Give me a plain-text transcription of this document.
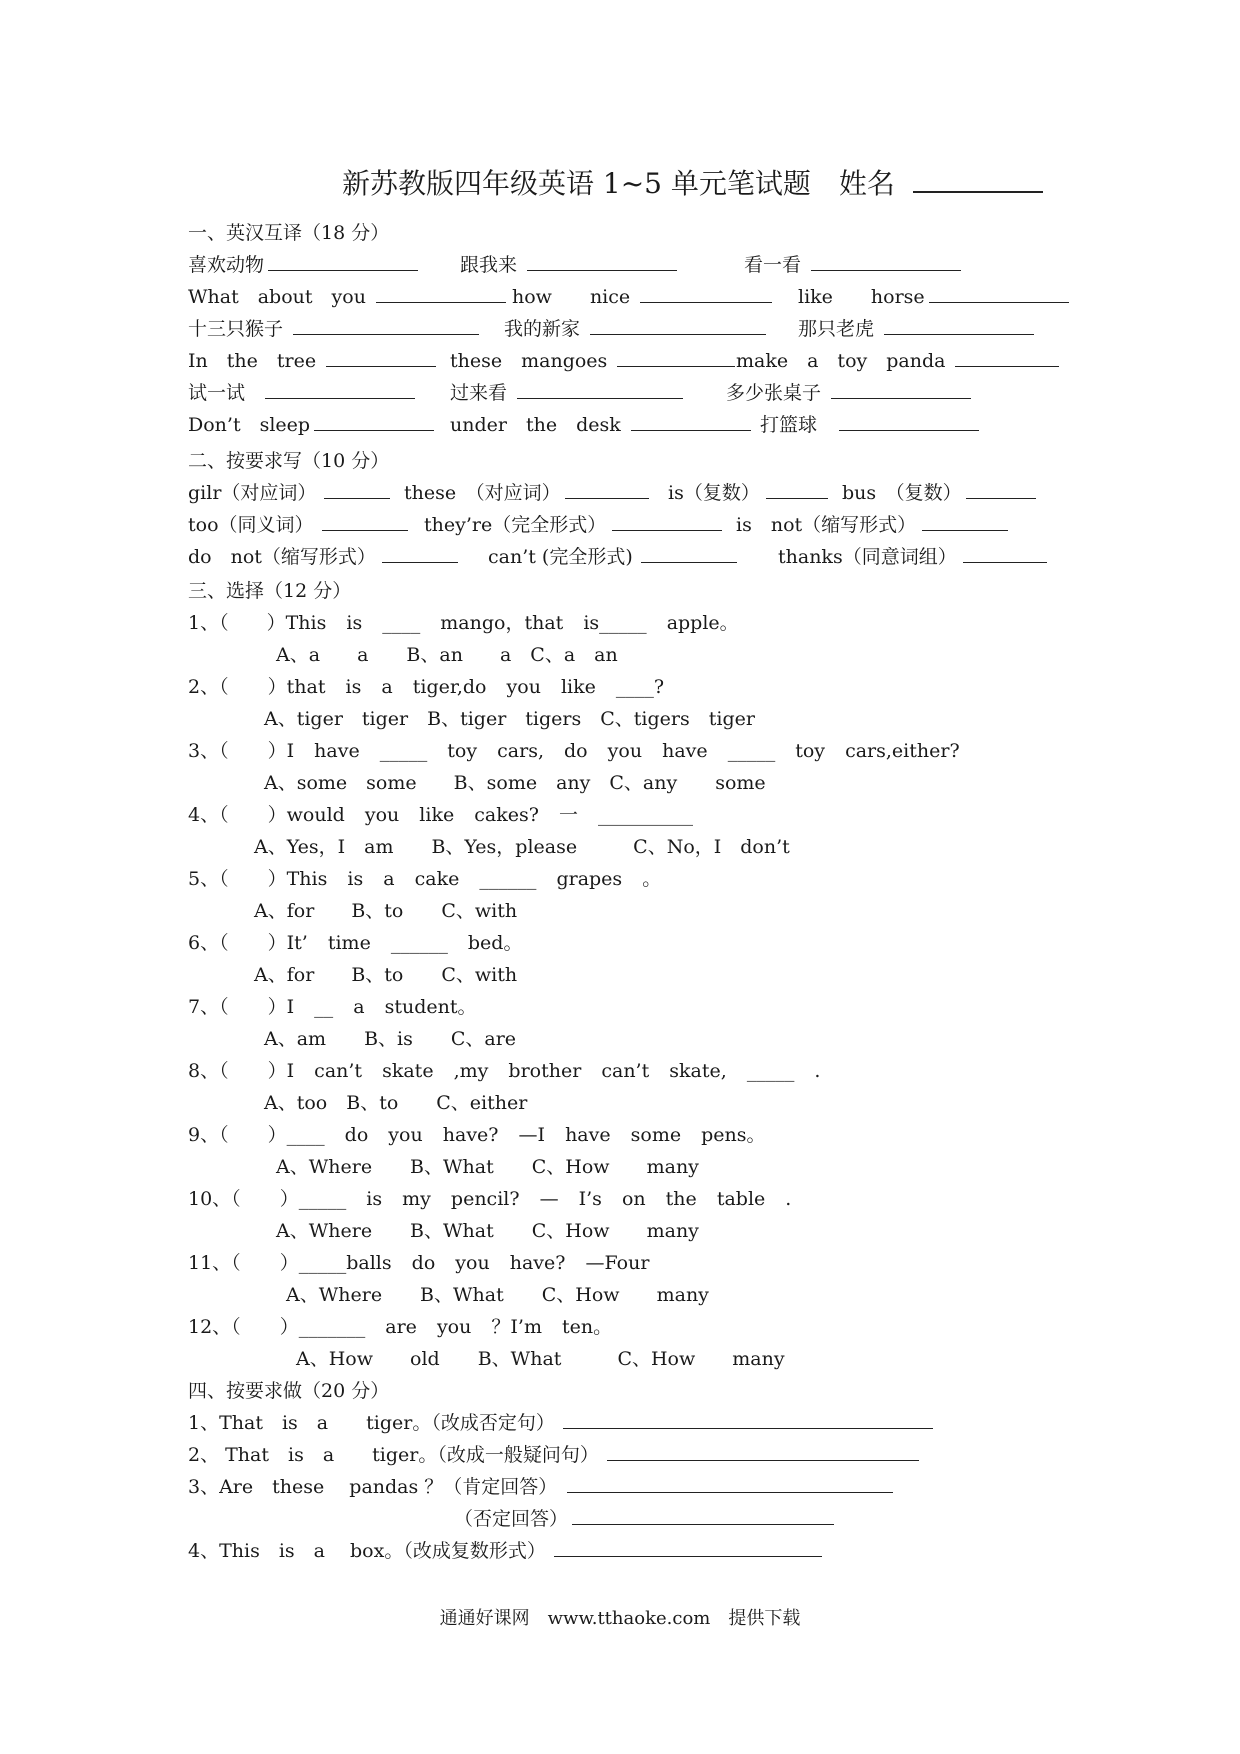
新苏教版四年级英语 1~5 单元笔试题　姓名
一、英汉互译（18 分）
喜欢动物	跟我来	看一看
What　about　you	how　　nice	like　　horse
十三只猴子	我的新家	那只老虎
In　the　tree	these　mangoes	make　a　toy　panda
试一试	过来看	多少张桌子
Don’t　sleep	under　the　desk	打篮球
二、按要求写（10 分）
gilr（对应词）	these　（对应词）	is（复数）	bus　（复数）
too（同义词）	they’re（完全形式）	is　not（缩写形式）
do　not（缩写形式）	can’t (完全形式)	thanks（同意词组）
三、选择（12 分）
1、（　　）This is ____ mango，that is_____ apple。
A、a　 a　　B、an　 a　C、a　an
2、（　 ）that is a tiger,do you like ____?
A、tiger　tiger　B、tiger　tigers　C、tigers　tiger
3、（　 ）I have _____ toy cars, do you have _____ toy cars,either?
A、some　some　 B、some　any　C、any　　some
4、（　 ）would you like cakes? 一 __________
A、Yes，I　am　　B、Yes，please　　 C、No，I　don’t
5、（　 ）This is a cake ______ grapes 。
A、for　 B、to　　C、with
6、（　 ）It’ time ______ bed。
A、for　 B、to　　C、with
7、（　 ）I __ a student。
A、am　　B、is　　C、are
8、（　 ）I can’t skate ,my brother can’t skate, _____ .
A、too　B、to　　C、either
9、（　 ）____ do you have? —I have some pens。
A、Where　　B、What　　C、How　 many
10、（　 ）_____ is my pencil? — I’s on the table .
A、Where　　B、What　　C、How　 many
11、（　 ）_____balls do you have? —Four
A、Where　　B、What　　C、How　 many
12、（　 ）_______ are you ？I’m ten。
A、How　 old　　B、What　　 C、How　 many
四、按要求做（20 分）
1、That　is　a　　tiger。（改成否定句）
2、 That　is　a　　tiger。（改成一般疑问句）
3、Are　these　 pandas ？（肯定回答）
（否定回答）
4、This　is　a　 box。（改成复数形式）
通通好课网　www.tthaoke.com　提供下载
